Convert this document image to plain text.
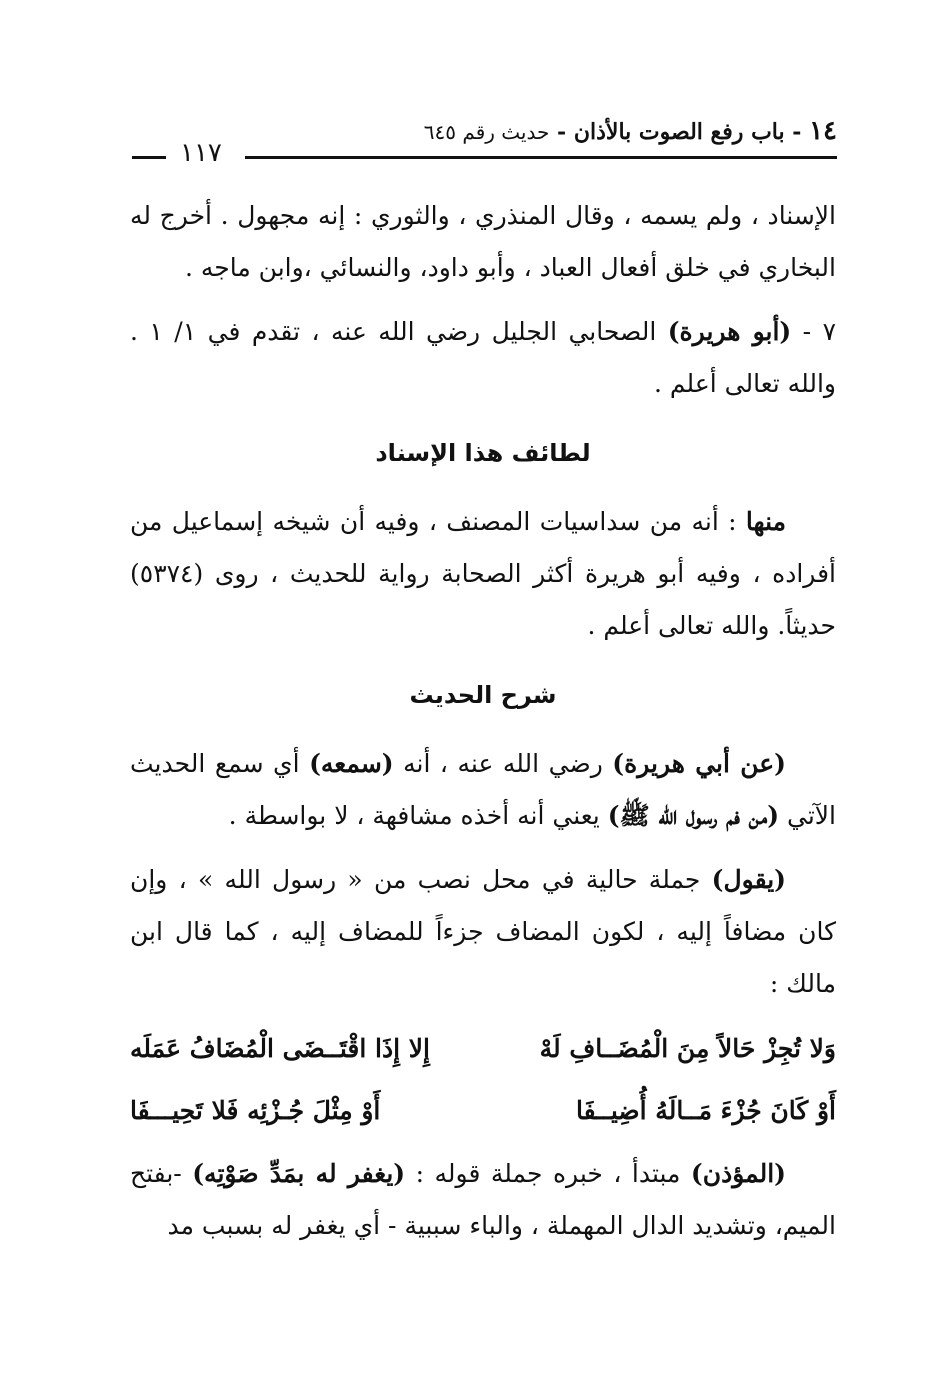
١٤ - باب رفع الصوت بالأذان - حديث رقم ٦٤٥
١١٧

الإسناد ، ولم يسمه ، وقال المنذري ، والثوري : إنه مجهول . أخرج له البخاري في خلق أفعال العباد ، وأبو داود، والنسائي ،وابن ماجه .

٧ - (أبو هريرة) الصحابي الجليل رضي الله عنه ، تقدم في ١/ ١ . والله تعالى أعلم .

لطائف هذا الإسناد

منها : أنه من سداسيات المصنف ، وفيه أن شيخه إسماعيل من أفراده ، وفيه أبو هريرة أكثر الصحابة رواية للحديث ، روى (٥٣٧٤) حديثاً. والله تعالى أعلم .

شرح الحديث

(عن أبي هريرة) رضي الله عنه ، أنه (سمعه) أي سمع الحديث الآتي (من فم رسول الله ﷺ) يعني أنه أخذه مشافهة ، لا بواسطة .

(يقول) جملة حالية في محل نصب من « رسول الله » ، وإن كان مضافاً إليه ، لكون المضاف جزءاً للمضاف إليه ، كما قال ابن مالك :

وَلا تُجِزْ حَالاً مِنَ الْمُضَــافِ لَهْ
إِلا إِذَا اقْتَــضَى الْمُضَافُ عَمَلَه
أَوْ كَانَ جُزْءَ مَــالَهُ أُضِيــفَا
أَوْ مِثْلَ جُـزْئِه فَلا تَحِيـــفَا

(المؤذن) مبتدأ ، خبره جملة قوله : (يغفر له بمَدِّ صَوْتِه) -بفتح الميم، وتشديد الدال المهملة ، والباء سببية - أي يغفر له بسبب مد
